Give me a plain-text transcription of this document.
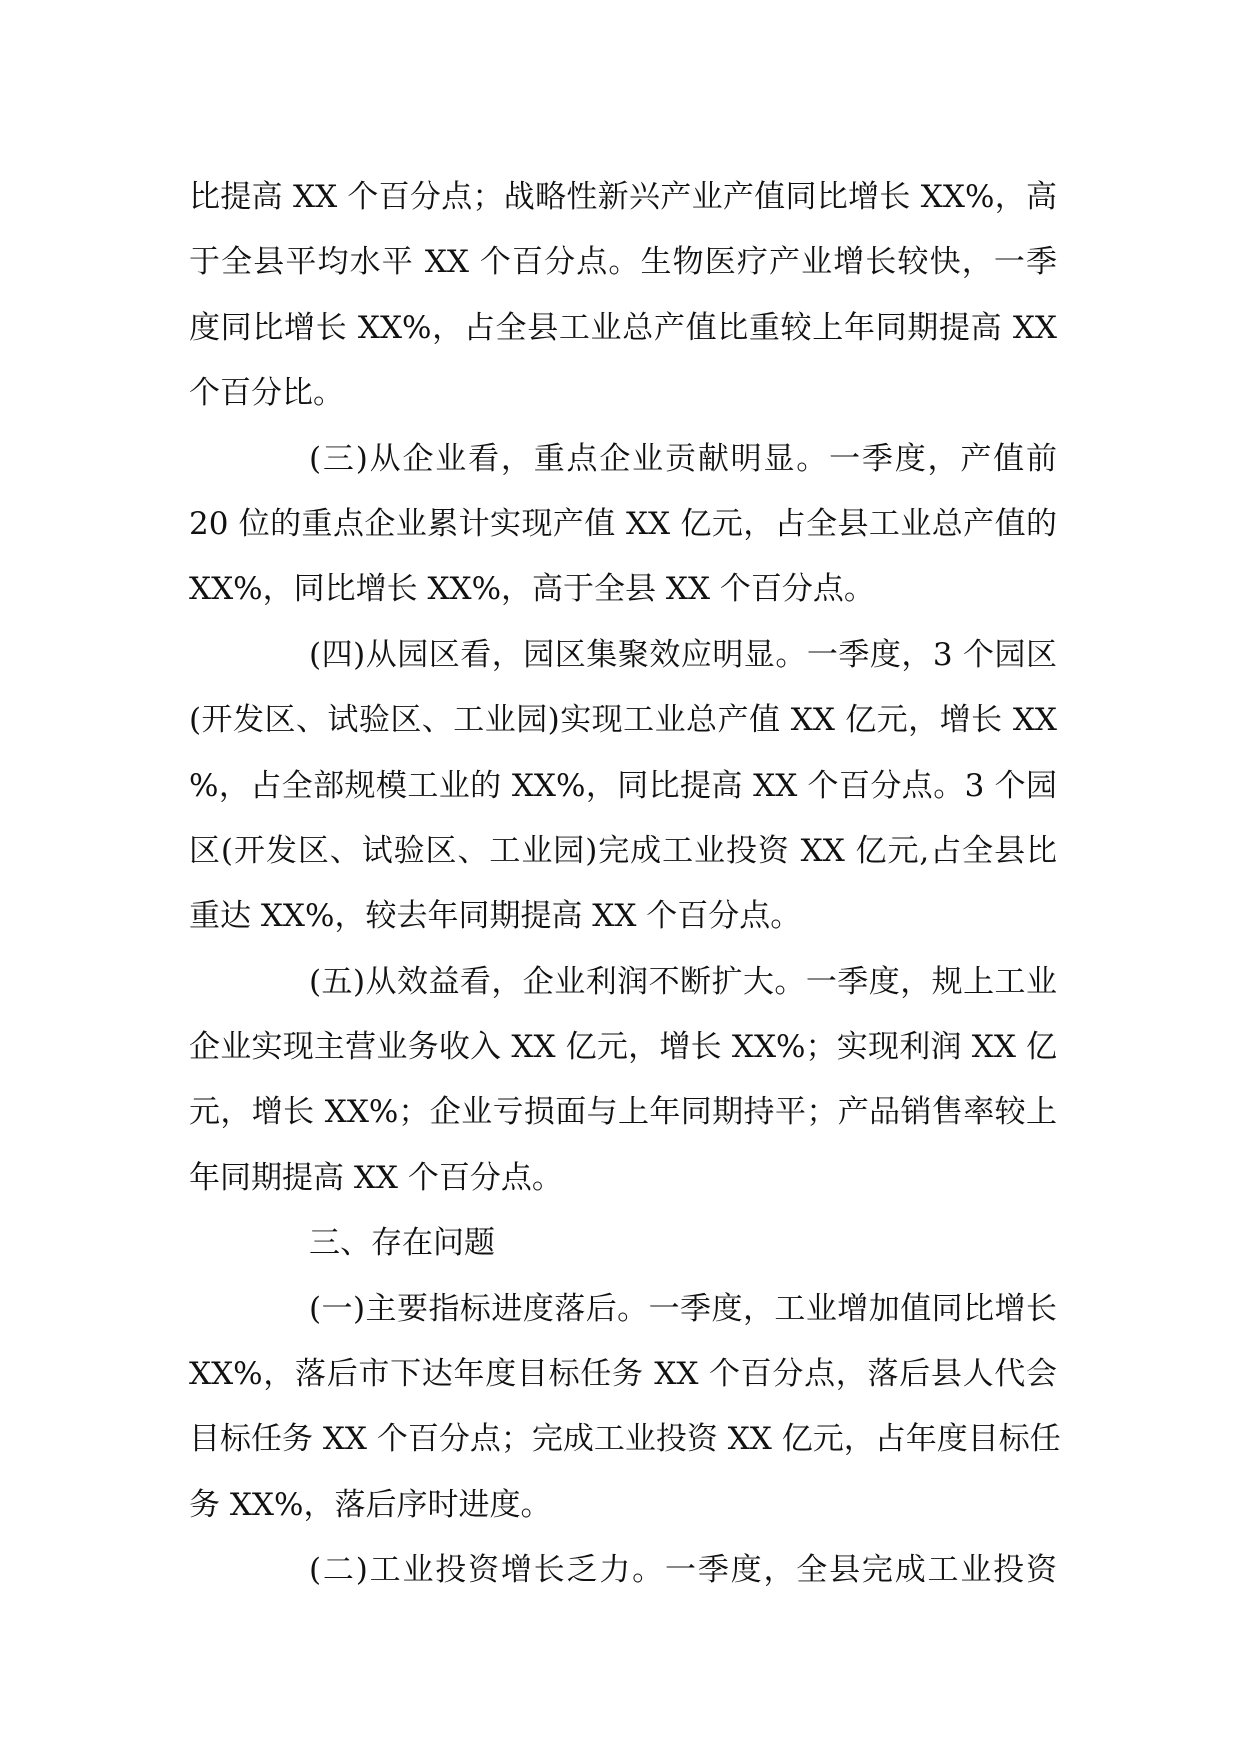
比提高 XX 个百分点；战略性新兴产业产值同比增长 XX%，高
于全县平均水平 XX 个百分点。生物医疗产业增长较快，一季
度同比增长 XX%，占全县工业总产值比重较上年同期提高 XX
个百分比。
(三)从企业看，重点企业贡献明显。一季度，产值前
20 位的重点企业累计实现产值 XX 亿元，占全县工业总产值的
XX%，同比增长 XX%，高于全县 XX 个百分点。
(四)从园区看，园区集聚效应明显。一季度，3 个园区
(开发区、试验区、工业园)实现工业总产值 XX 亿元，增长 XX
%，占全部规模工业的 XX%，同比提高 XX 个百分点。3 个园
区(开发区、试验区、工业园)完成工业投资 XX 亿元,占全县比
重达 XX%，较去年同期提高 XX 个百分点。
(五)从效益看，企业利润不断扩大。一季度，规上工业
企业实现主营业务收入 XX 亿元，增长 XX%；实现利润 XX 亿
元，增长 XX%；企业亏损面与上年同期持平；产品销售率较上
年同期提高 XX 个百分点。
三、存在问题
(一)主要指标进度落后。一季度，工业增加值同比增长
XX%，落后市下达年度目标任务 XX 个百分点，落后县人代会
目标任务 XX 个百分点；完成工业投资 XX 亿元，占年度目标任
务 XX%，落后序时进度。
(二)工业投资增长乏力。一季度，全县完成工业投资
